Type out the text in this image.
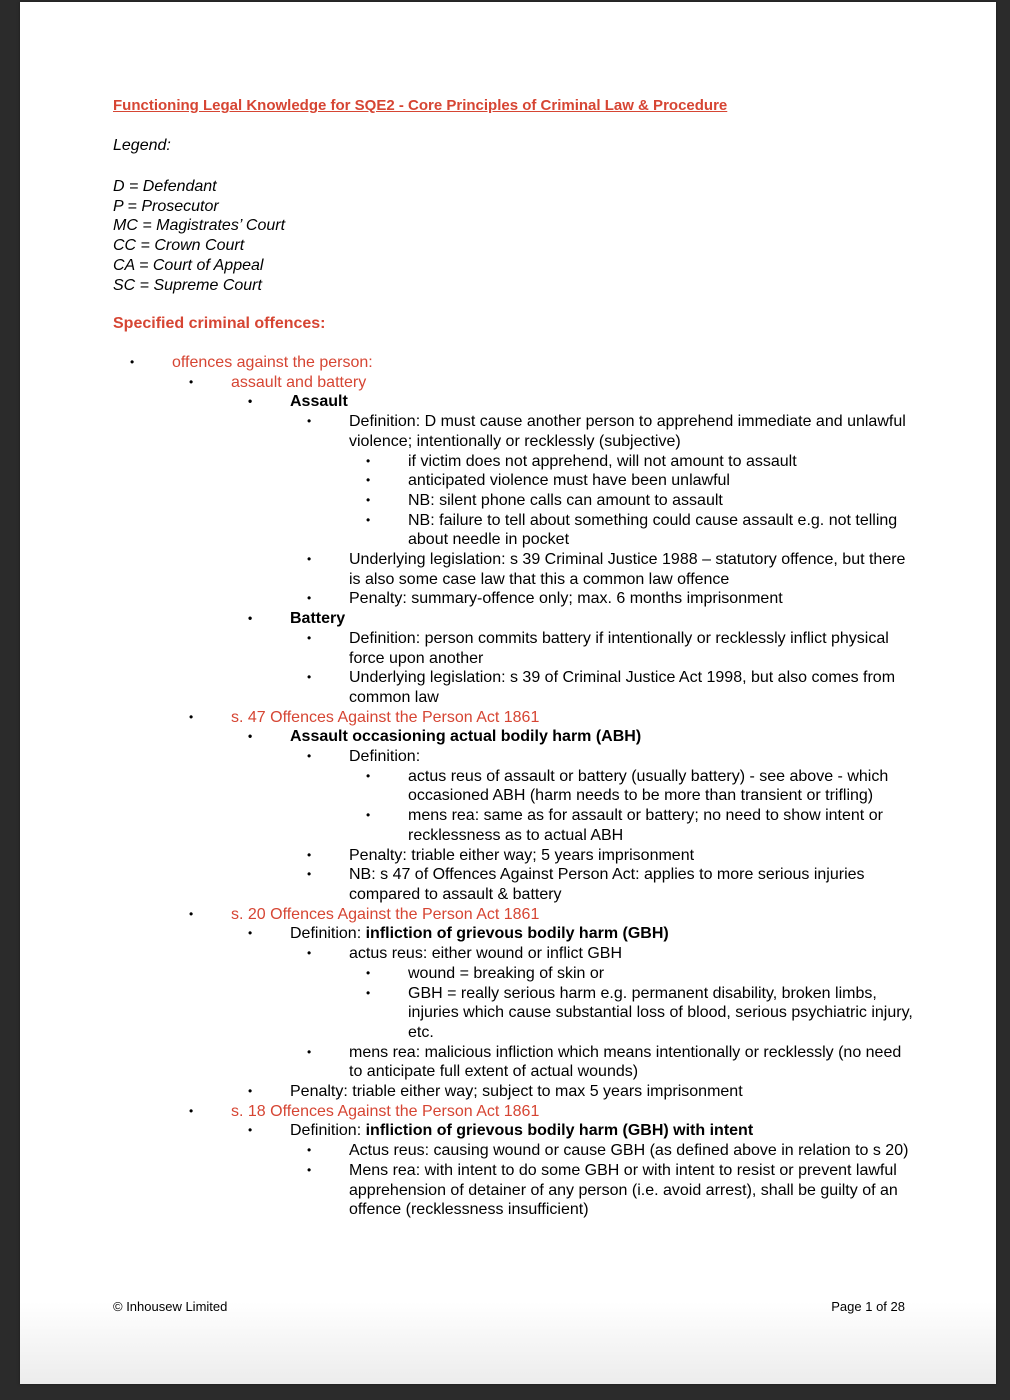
Functioning Legal Knowledge for SQE2 - Core Principles of Criminal Law & Procedure
Legend:
D = Defendant
P = Prosecutor
MC = Magistrates’ Court
CC = Crown Court
CA = Court of Appeal
SC = Supreme Court
Specified criminal offences:
• offences against the person:
• assault and battery
• Assault
• Definition: D must cause another person to apprehend immediate and unlawful violence; intentionally or recklessly (subjective)
• if victim does not apprehend, will not amount to assault
• anticipated violence must have been unlawful
• NB: silent phone calls can amount to assault
• NB: failure to tell about something could cause assault e.g. not telling about needle in pocket
• Underlying legislation: s 39 Criminal Justice 1988 – statutory offence, but there is also some case law that this a common law offence
• Penalty: summary-offence only; max. 6 months imprisonment
• Battery
• Definition: person commits battery if intentionally or recklessly inflict physical force upon another
• Underlying legislation: s 39 of Criminal Justice Act 1998, but also comes from common law
• s. 47 Offences Against the Person Act 1861
• Assault occasioning actual bodily harm (ABH)
• Definition:
• actus reus of assault or battery (usually battery) - see above - which occasioned ABH (harm needs to be more than transient or trifling)
• mens rea: same as for assault or battery; no need to show intent or recklessness as to actual ABH
• Penalty: triable either way; 5 years imprisonment
• NB: s 47 of Offences Against Person Act: applies to more serious injuries compared to assault & battery
• s. 20 Offences Against the Person Act 1861
• Definition: infliction of grievous bodily harm (GBH)
• actus reus: either wound or inflict GBH
• wound = breaking of skin or
• GBH = really serious harm e.g. permanent disability, broken limbs, injuries which cause substantial loss of blood, serious psychiatric injury, etc.
• mens rea: malicious infliction which means intentionally or recklessly (no need to anticipate full extent of actual wounds)
• Penalty: triable either way; subject to max 5 years imprisonment
• s. 18 Offences Against the Person Act 1861
• Definition: infliction of grievous bodily harm (GBH) with intent
• Actus reus: causing wound or cause GBH (as defined above in relation to s 20)
• Mens rea: with intent to do some GBH or with intent to resist or prevent lawful apprehension of detainer of any person (i.e. avoid arrest), shall be guilty of an offence (recklessness insufficient)
© Inhousew Limited	Page 1 of 28
